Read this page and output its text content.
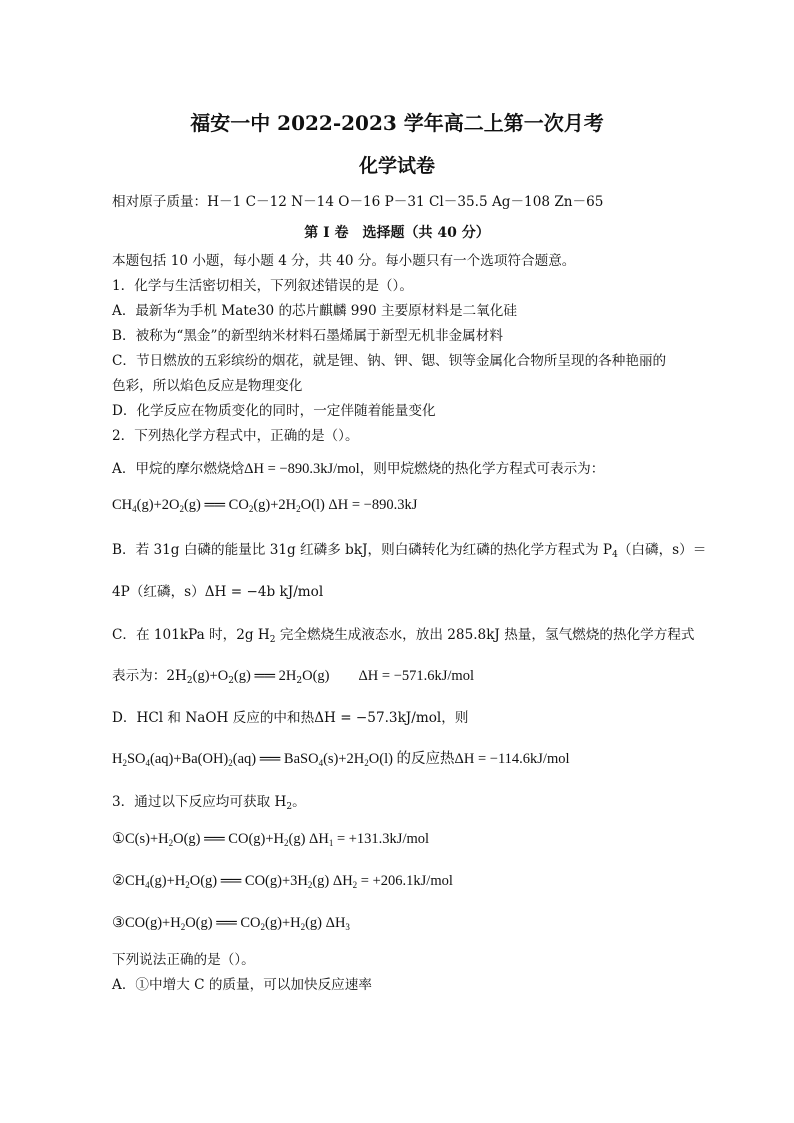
福安一中 2022-2023 学年高二上第一次月考
化学试卷
相对原子质量：H－1 C－12 N－14 O－16 P－31 Cl－35.5 Ag－108 Zn－65
第 I 卷　选择题（共 40 分）
本题包括 10 小题，每小题 4 分，共 40 分。每小题只有一个选项符合题意。
1．化学与生活密切相关，下列叙述错误的是（）。
A．最新华为手机 Mate30 的芯片麒麟 990 主要原材料是二氧化硅
B．被称为“黑金”的新型纳米材料石墨烯属于新型无机非金属材料
C．节日燃放的五彩缤纷的烟花，就是锂、钠、钾、锶、钡等金属化合物所呈现的各种艳丽的
色彩，所以焰色反应是物理变化
D．化学反应在物质变化的同时，一定伴随着能量变化
2．下列热化学方程式中，正确的是（）。
A．甲烷的摩尔燃烧焓ΔH = −890.3kJ/mol，则甲烷燃烧的热化学方程式可表示为：
$CH_4(g)+2O_2(g)$ ══ $CO_2(g)+2H_2O(l) \Delta H = -890.3kJ$
B．若 31g 白磷的能量比 31g 红磷多 bkJ，则白磷转化为红磷的热化学方程式为 $P_4$（白磷，s）＝
4P（红磷，s）ΔH = −4b kJ/mol
C．在 101kPa 时，2g $H_2$ 完全燃烧生成液态水，放出 285.8kJ 热量，氢气燃烧的热化学方程式
表示为：$2H_2(g)+O_2(g)$ ══ $2H_2O(g)$　　ΔH = −571.6kJ/mol
D．HCl 和 NaOH 反应的中和热ΔH = −57.3kJ/mol，则
$H_2SO_4(aq)+Ba(OH)_2(aq)$ ══ $BaSO_4(s)+2H_2O(l)$ 的反应热ΔH = −114.6kJ/mol
3．通过以下反应均可获取 $H_2$。
$①C(s)+H_2O(g)$ ══ $CO(g)+H_2(g) \Delta H_1 = +131.3kJ/mol$
$②CH_4(g)+H_2O(g)$ ══ $CO(g)+3H_2(g) \Delta H_2 = +206.1kJ/mol$
$③CO(g)+H_2O(g)$ ══ $CO_2(g)+H_2(g)$ $\Delta H_3$
下列说法正确的是（）。
A．①中增大 C 的质量，可以加快反应速率
